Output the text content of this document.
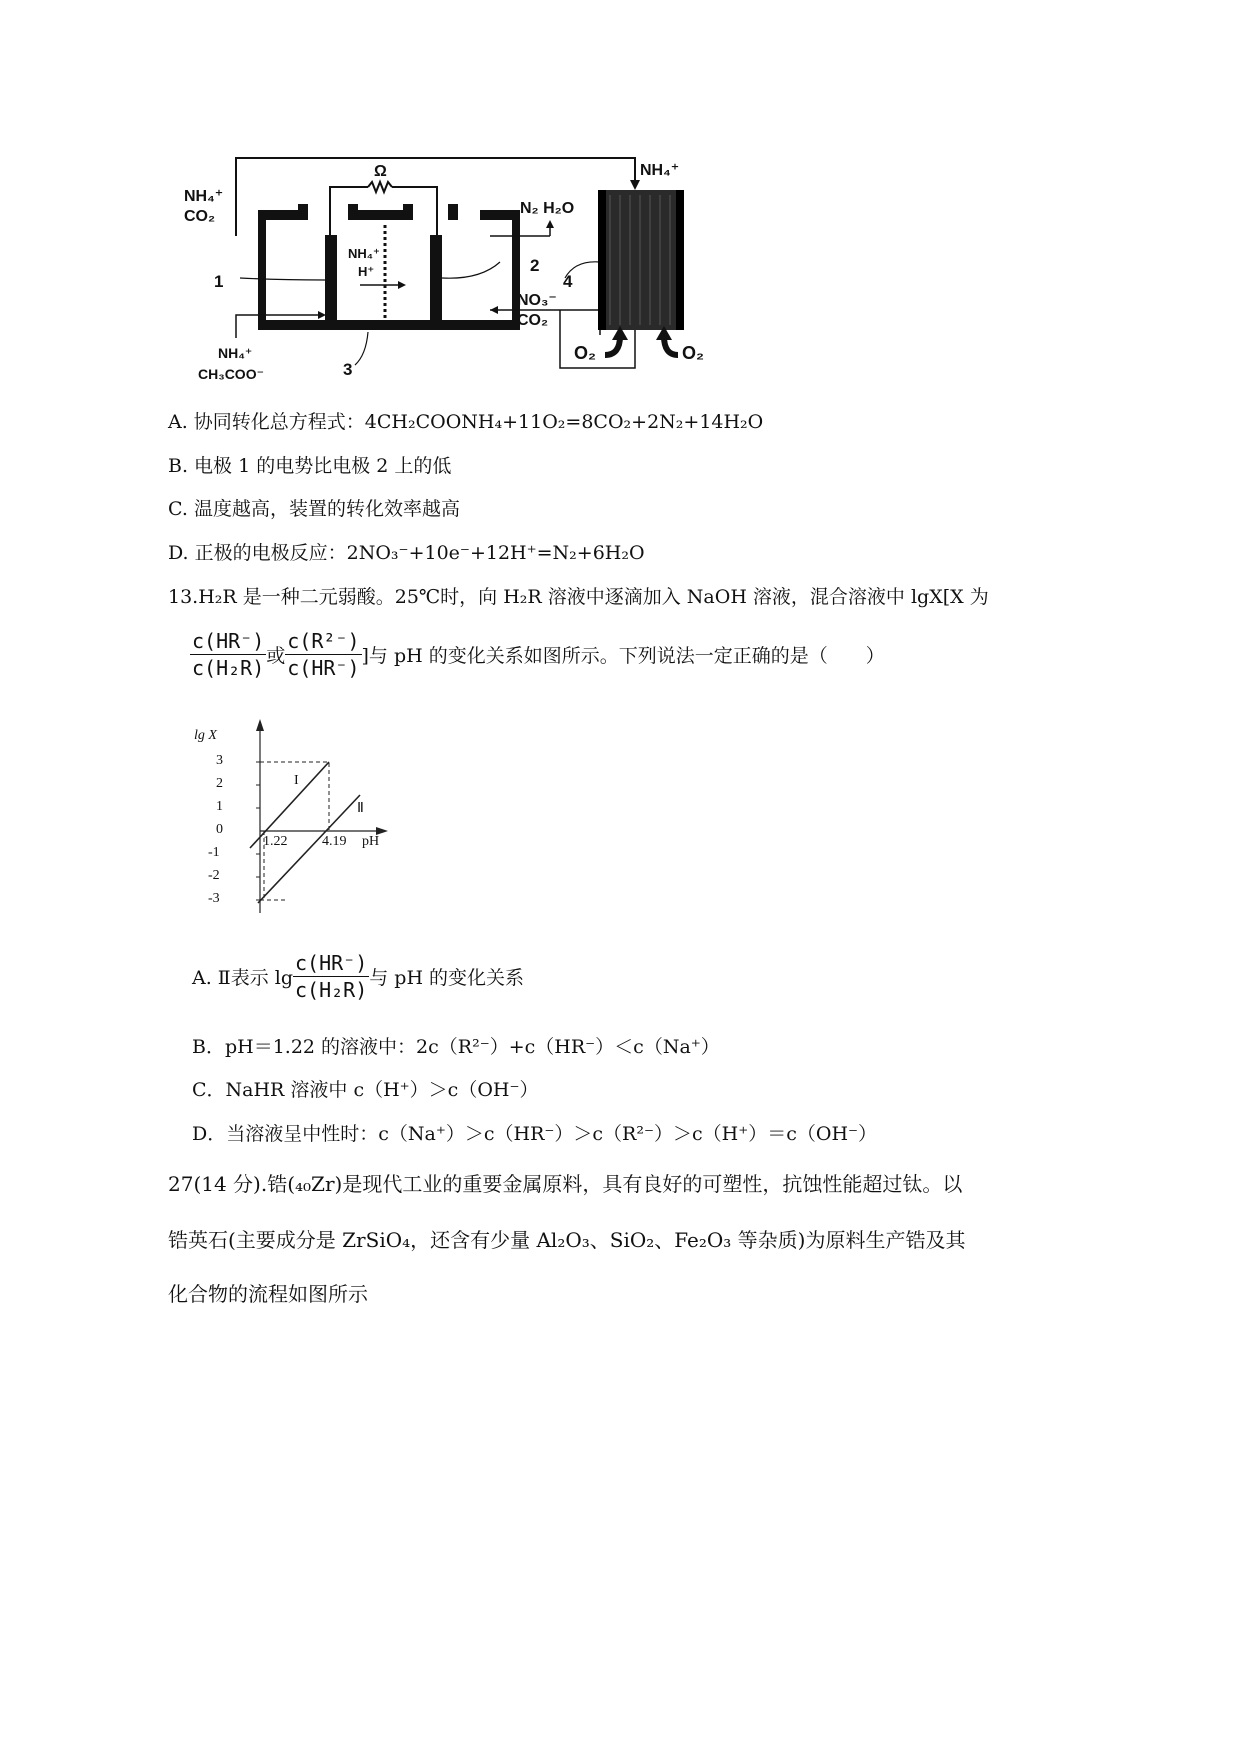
Ω	NH₄⁺
NH₄⁺
CO₂	N₂ H₂O
NH₄⁺
H⁺
1
2
3
4
NO₃⁻
CO₂
O₂	O₂
NH₄⁺
CH₃COO⁻
A. 协同转化总方程式：4CH₂COONH₄+11O₂=8CO₂+2N₂+14H₂O
B. 电极 1 的电势比电极 2 上的低
C. 温度越高，装置的转化效率越高
D. 正极的电极反应：2NO₃⁻+10e⁻+12H⁺=N₂+6H₂O
13.H₂R 是一种二元弱酸。25℃时，向 H₂R 溶液中逐滴加入 NaOH 溶液，混合溶液中 lgX[X 为
$\frac{c(HR^-)}{\text{c(H₂R)}}$ 或 $\frac{\text{c(R²⁻)}}{c(HR^-)}$ ]与 pH 的变化关系如图所示。下列说法一定正确的是（　　）
lg X
pH
3
2
1
0
-1
-2
-3
1.22 4.19
I
Ⅱ
A. Ⅱ表示 $\lg \frac{c(HR^-)}{\text{c(H₂R)}}$ 与 pH 的变化关系
B．pH＝1.22 的溶液中：2c（R²⁻）+c（HR⁻）＜c（Na⁺）
C．NaHR 溶液中 c（H⁺）＞c（OH⁻）
D．当溶液呈中性时：c（Na⁺）＞c（HR⁻）＞c（R²⁻）＞c（H⁺）＝c（OH⁻）
27(14 分).锆(₄₀Zr)是现代工业的重要金属原料，具有良好的可塑性，抗蚀性能超过钛。以
锆英石(主要成分是 ZrSiO₄，还含有少量 Al₂O₃、SiO₂、Fe₂O₃ 等杂质)为原料生产锆及其
化合物的流程如图所示
